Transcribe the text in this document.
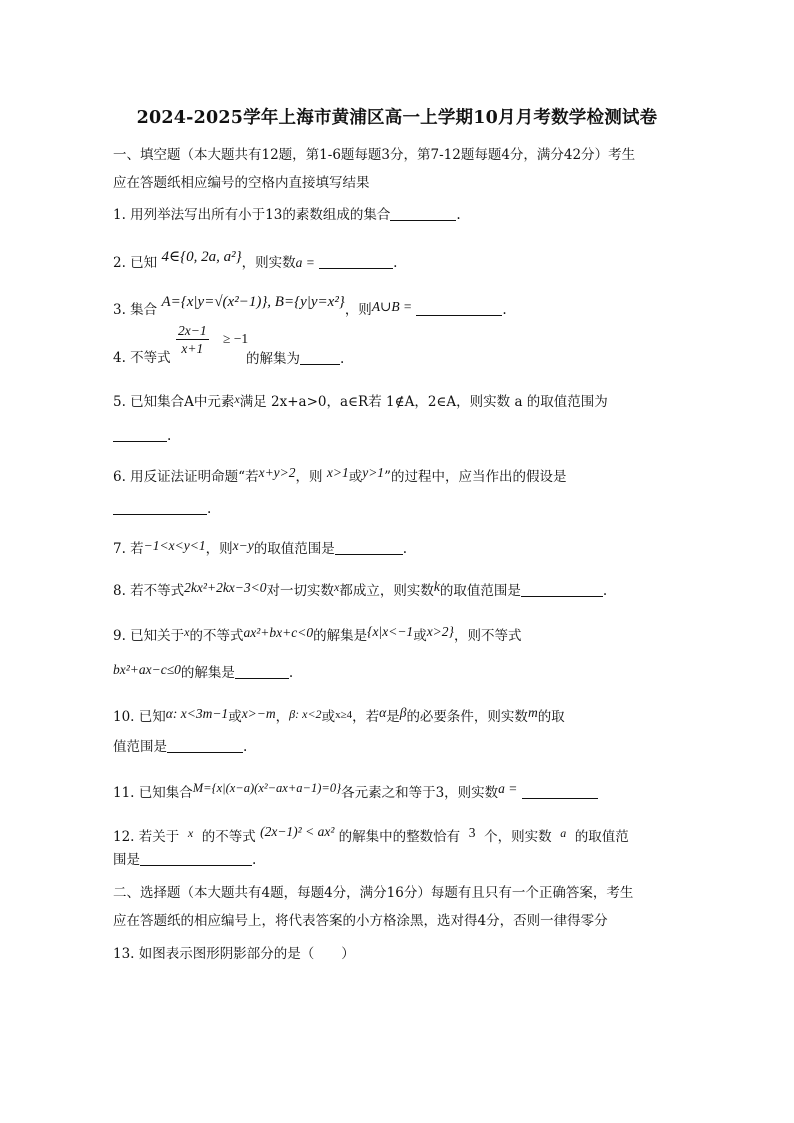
2024-2025学年上海市黄浦区高一上学期10月月考数学检测试卷
一、填空题（本大题共有12题，第1-6题每题3分，第7-12题每题4分，满分42分）考生
应在答题纸相应编号的空格内直接填写结果
1. 用列举法写出所有小于13的素数组成的集合	.
2. 已知 4∈{0, 2a, a²}，则实数a =	.
3. 集合 A={x|y=√(x²−1)}, B={y|y=x²}，则A∪B =	.
4. 不等式
$\frac{2x-1}{x+1} \ge -1$
的解集为	.
5. 已知集合A中元素x满足 2x+a>0，a∈R若 1∉A，2∈A，则实数 a 的取值范围为
.
6. 用反证法证明命题“若x+y>2，则 x>1或y>1”的过程中，应当作出的假设是
.
7. 若−1<x<y<1，则x−y的取值范围是	.
8. 若不等式2kx²+2kx−3<0对一切实数x都成立，则实数k的取值范围是	.
9. 已知关于x的不等式ax²+bx+c<0的解集是{x|x<−1或x>2}，则不等式
bx²+ax−c≤0的解集是	.
10. 已知α: x<3m−1或x>−m，β: x<2或$^{x\ge 4}$，若α是β的必要条件，则实数m的取
值范围是	.
11. 已知集合M={x|(x−a)(x²−ax+a−1)=0}各元素之和等于3，则实数a =
12. 若关于 x 的不等式 (2x−1)² < ax² 的解集中的整数恰有 3 个，则实数 a 的取值范
围是	.
二、选择题（本大题共有4题，每题4分，满分16分）每题有且只有一个正确答案，考生
应在答题纸的相应编号上，将代表答案的小方格涂黑，选对得4分，否则一律得零分
13. 如图表示图形阴影部分的是（　　）
